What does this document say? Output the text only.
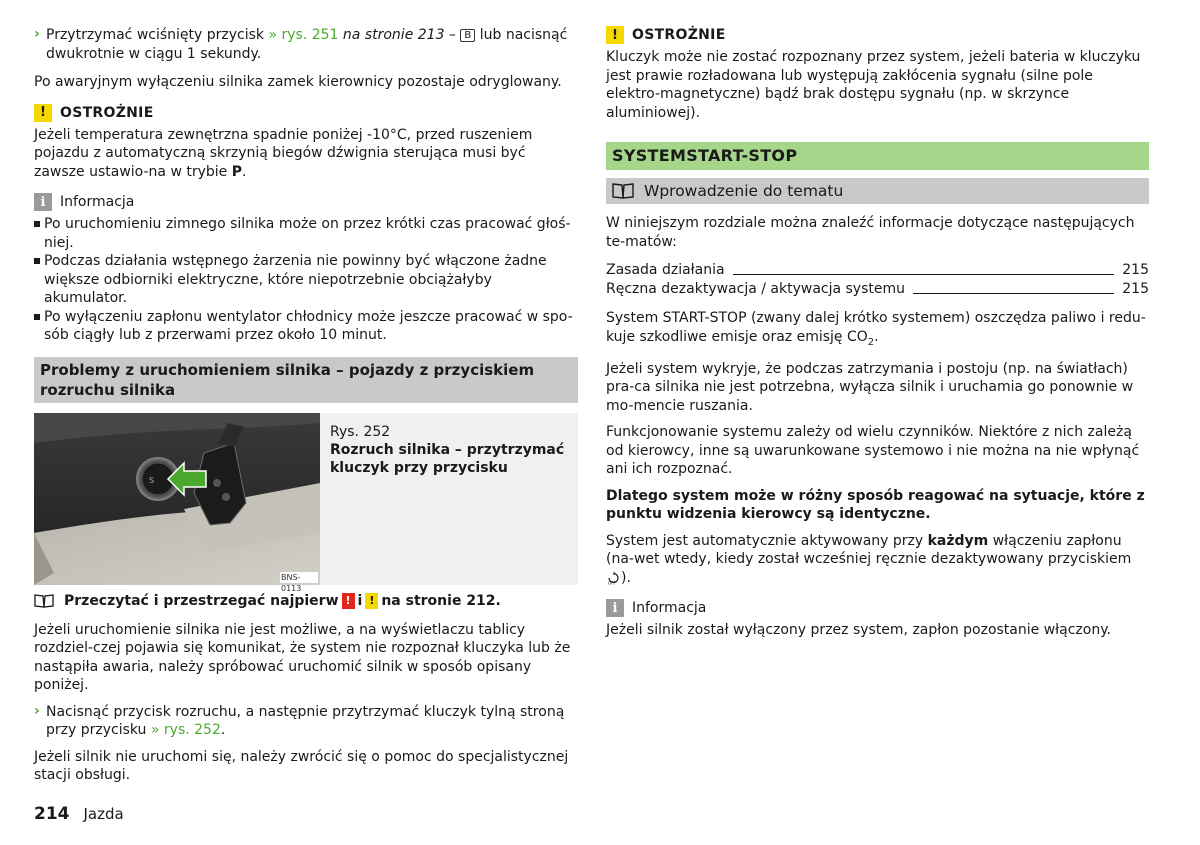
› Przytrzymać wciśnięty przycisk » rys. 251 na stronie 213 – B lub nacisnąć

dwukrotnie w ciągu 1 sekundy.

Po awaryjnym wyłączeniu silnika zamek kierownicy pozostaje odryglowany.

!	OSTROŻNIE

Jeżeli temperatura zewnętrzna spadnie poniżej -10°C, przed ruszeniem pojazdu z automatyczną skrzynią biegów dźwignia sterująca musi być zawsze ustawio-na w trybie P.

i	Informacja

Po uruchomieniu zimnego silnika może on przez krótki czas pracować głoś-niej.

Podczas działania wstępnego żarzenia nie powinny być włączone żadne większe odbiorniki elektryczne, które niepotrzebnie obciążałyby akumulator.

Po wyłączeniu zapłonu wentylator chłodnicy może jeszcze pracować w spo-sób ciągły lub z przerwami przez około 10 minut.

Problemy z uruchomieniem silnika – pojazdy z przyciskiem rozruchu silnika
S
BNS-0113

Rys. 252

Rozruch silnika – przytrzymać kluczyk przy przycisku

Przeczytać i przestrzegać najpierw ! i ! na stronie 212.

Jeżeli uruchomienie silnika nie jest możliwe, a na wyświetlaczu tablicy rozdziel-czej pojawia się komunikat, że system nie rozpoznał kluczyka lub że nastąpiła awaria, należy spróbować uruchomić silnik w sposób opisany poniżej.

› Nacisnąć przycisk rozruchu, a następnie przytrzymać kluczyk tylną stroną przy przycisku » rys. 252.

Jeżeli silnik nie uruchomi się, należy zwrócić się o pomoc do specjalistycznej stacji obsługi.

!	OSTROŻNIE

Kluczyk może nie zostać rozpoznany przez system, jeżeli bateria w kluczyku jest prawie rozładowana lub występują zakłócenia sygnału (silne pole elektro-magnetyczne) bądź brak dostępu sygnału (np. w skrzynce aluminiowej).

SYSTEMSTART-STOP
Wprowadzenie do tematu

W niniejszym rozdziale można znaleźć informacje dotyczące następujących te-matów:

Zasada działania	215
Ręczna dezaktywacja / aktywacja systemu	215

System START-STOP (zwany dalej krótko systemem) oszczędza paliwo i redu-kuje szkodliwe emisje oraz emisję $CO_2$.

Jeżeli system wykryje, że podczas zatrzymania i postoju (np. na światłach) pra-ca silnika nie jest potrzebna, wyłącza silnik i uruchamia go ponownie w mo-mencie ruszania.

Funkcjonowanie systemu zależy od wielu czynników. Niektóre z nich zależą od kierowcy, inne są uwarunkowane systemowo i nie można na nie wpłynąć ani ich rozpoznać.

Dlatego system może w różny sposób reagować na sytuacje, które z punktu widzenia kierowcy są identyczne.

System jest automatycznie aktywowany przy każdym włączeniu zapłonu (na-wet wtedy, kiedy został wcześniej ręcznie dezaktywowany przyciskiem
OFF ).

i	Informacja

Jeżeli silnik został wyłączony przez system, zapłon pozostanie włączony.

214 Jazda
